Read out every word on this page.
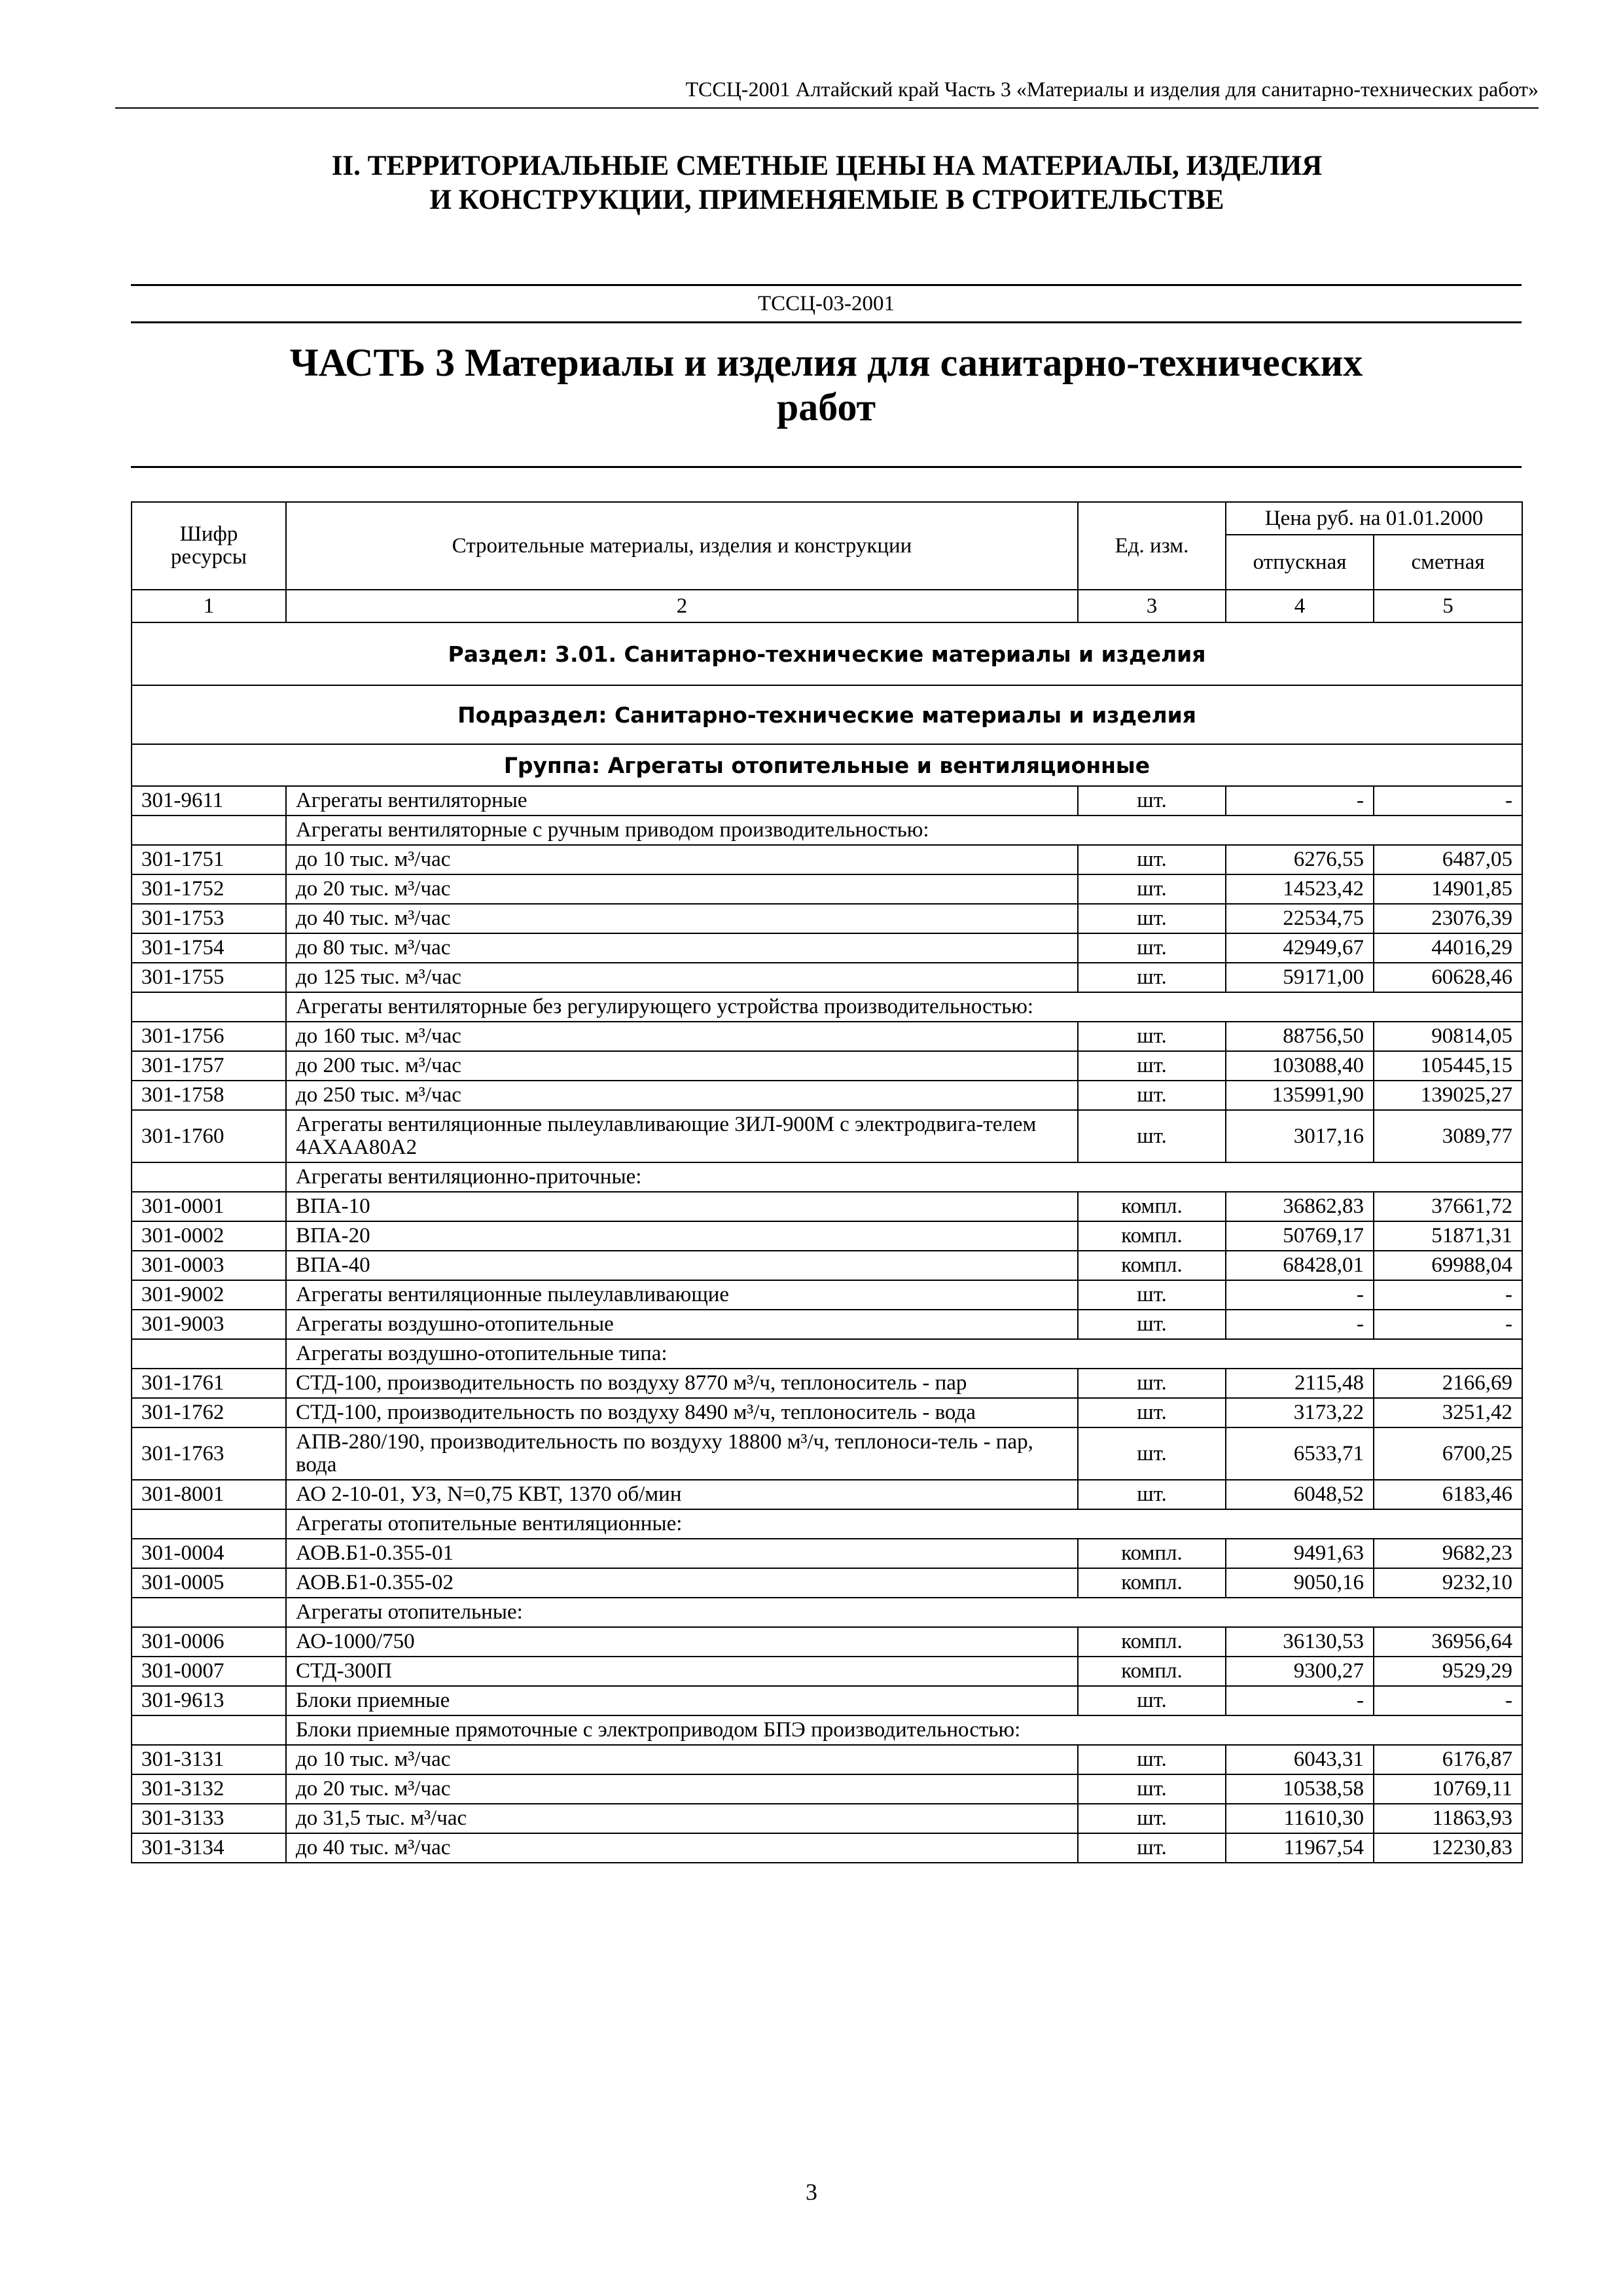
ТССЦ-2001 Алтайский край Часть 3 «Материалы и изделия для санитарно-технических работ»
II. ТЕРРИТОРИАЛЬНЫЕ СМЕТНЫЕ ЦЕНЫ НА МАТЕРИАЛЫ, ИЗДЕЛИЯ
И КОНСТРУКЦИИ, ПРИМЕНЯЕМЫЕ В СТРОИТЕЛЬСТВЕ
ТССЦ-03-2001
ЧАСТЬ 3 Материалы и изделия для санитарно-технических
работ
Шифр ресурсы	Строительные материалы, изделия и конструкции	Ед. изм.	Цена руб. на 01.01.2000	
			отпускная	сметная
1	2	3	4	5
Раздел: 3.01. Санитарно-технические материалы и изделия				
Подраздел: Санитарно-технические материалы и изделия				
Группа: Агрегаты отопительные и вентиляционные				
301-9611	Агрегаты вентиляторные	шт.	-	-
	Агрегаты вентиляторные с ручным приводом производительностью:			
301-1751	до 10 тыс. м³/час	шт.	6276,55	6487,05
301-1752	до 20 тыс. м³/час	шт.	14523,42	14901,85
301-1753	до 40 тыс. м³/час	шт.	22534,75	23076,39
301-1754	до 80 тыс. м³/час	шт.	42949,67	44016,29
301-1755	до 125 тыс. м³/час	шт.	59171,00	60628,46
	Агрегаты вентиляторные без регулирующего устройства производительностью:			
301-1756	до 160 тыс. м³/час	шт.	88756,50	90814,05
301-1757	до 200 тыс. м³/час	шт.	103088,40	105445,15
301-1758	до 250 тыс. м³/час	шт.	135991,90	139025,27
301-1760	Агрегаты вентиляционные пылеулавливающие ЗИЛ-900М с электродвига-телем 4АХАА80А2	шт.	3017,16	3089,77
	Агрегаты вентиляционно-приточные:			
301-0001	ВПА-10	компл.	36862,83	37661,72
301-0002	ВПА-20	компл.	50769,17	51871,31
301-0003	ВПА-40	компл.	68428,01	69988,04
301-9002	Агрегаты вентиляционные пылеулавливающие	шт.	-	-
301-9003	Агрегаты воздушно-отопительные	шт.	-	-
	Агрегаты воздушно-отопительные типа:			
301-1761	СТД-100, производительность по воздуху 8770 м³/ч, теплоноситель - пар	шт.	2115,48	2166,69
301-1762	СТД-100, производительность по воздуху 8490 м³/ч, теплоноситель - вода	шт.	3173,22	3251,42
301-1763	АПВ-280/190, производительность по воздуху 18800 м³/ч, теплоноси-тель - пар, вода	шт.	6533,71	6700,25
301-8001	АО 2-10-01, УЗ, N=0,75 КВТ, 1370 об/мин	шт.	6048,52	6183,46
	Агрегаты отопительные вентиляционные:			
301-0004	АОВ.Б1-0.355-01	компл.	9491,63	9682,23
301-0005	АОВ.Б1-0.355-02	компл.	9050,16	9232,10
	Агрегаты отопительные:			
301-0006	АО-1000/750	компл.	36130,53	36956,64
301-0007	СТД-300П	компл.	9300,27	9529,29
301-9613	Блоки приемные	шт.	-	-
	Блоки приемные прямоточные с электроприводом БПЭ производительностью:			
301-3131	до 10 тыс. м³/час	шт.	6043,31	6176,87
301-3132	до 20 тыс. м³/час	шт.	10538,58	10769,11
301-3133	до 31,5 тыс. м³/час	шт.	11610,30	11863,93
301-3134	до 40 тыс. м³/час	шт.	11967,54	12230,83
3
